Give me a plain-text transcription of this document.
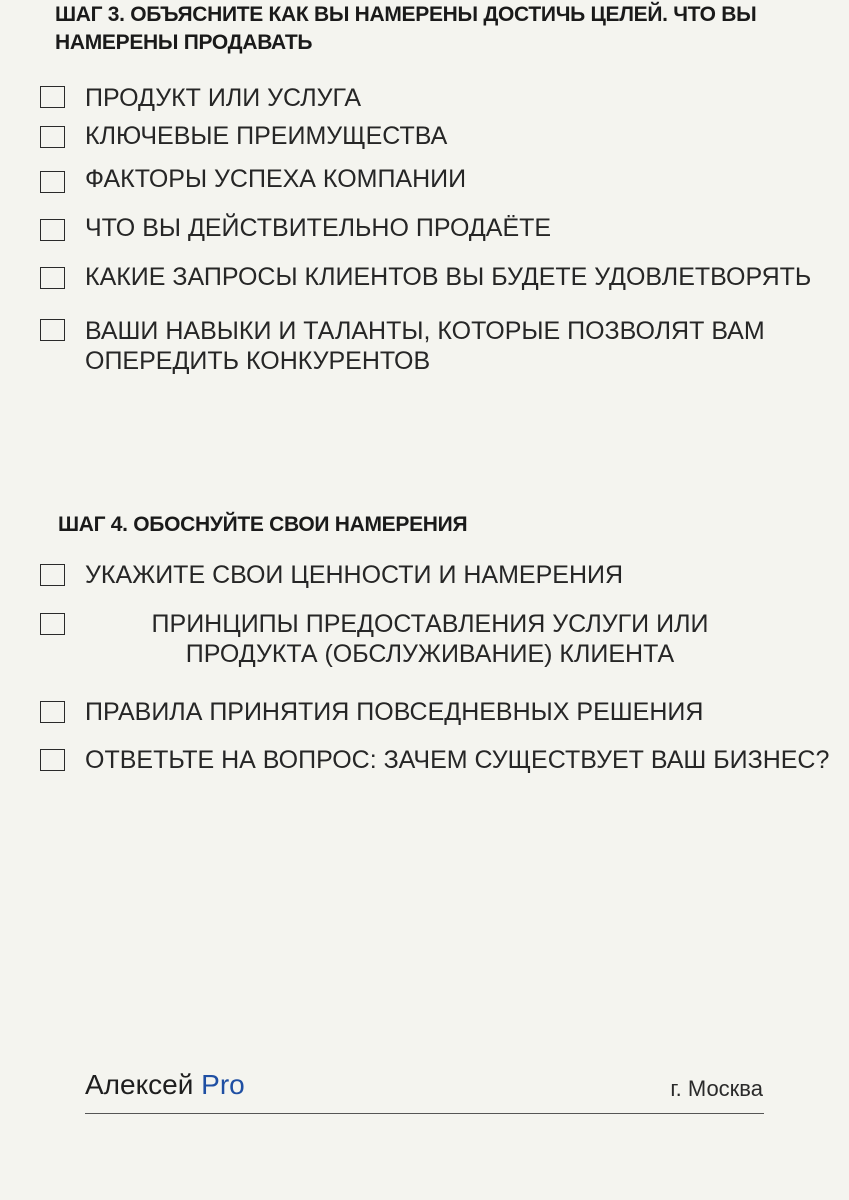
ШАГ 3. ОБЪЯСНИТЕ КАК ВЫ НАМЕРЕНЫ ДОСТИЧЬ ЦЕЛЕЙ. ЧТО ВЫ НАМЕРЕНЫ ПРОДАВАТЬ
ПРОДУКТ ИЛИ УСЛУГА
КЛЮЧЕВЫЕ ПРЕИМУЩЕСТВА
ФАКТОРЫ УСПЕХА КОМПАНИИ
ЧТО ВЫ ДЕЙСТВИТЕЛЬНО ПРОДАЁТЕ
КАКИЕ ЗАПРОСЫ КЛИЕНТОВ ВЫ БУДЕТЕ УДОВЛЕТВОРЯТЬ
ВАШИ НАВЫКИ И ТАЛАНТЫ, КОТОРЫЕ ПОЗВОЛЯТ ВАМ ОПЕРЕДИТЬ КОНКУРЕНТОВ
ШАГ 4. ОБОСНУЙТЕ СВОИ НАМЕРЕНИЯ
УКАЖИТЕ СВОИ ЦЕННОСТИ И НАМЕРЕНИЯ
ПРИНЦИПЫ ПРЕДОСТАВЛЕНИЯ УСЛУГИ ИЛИ ПРОДУКТА (ОБСЛУЖИВАНИЕ) КЛИЕНТА
ПРАВИЛА ПРИНЯТИЯ ПОВСЕДНЕВНЫХ РЕШЕНИЯ
ОТВЕТЬТЕ НА ВОПРОС: ЗАЧЕМ СУЩЕСТВУЕТ ВАШ БИЗНЕС?
Алексей Pro	г. Москва
